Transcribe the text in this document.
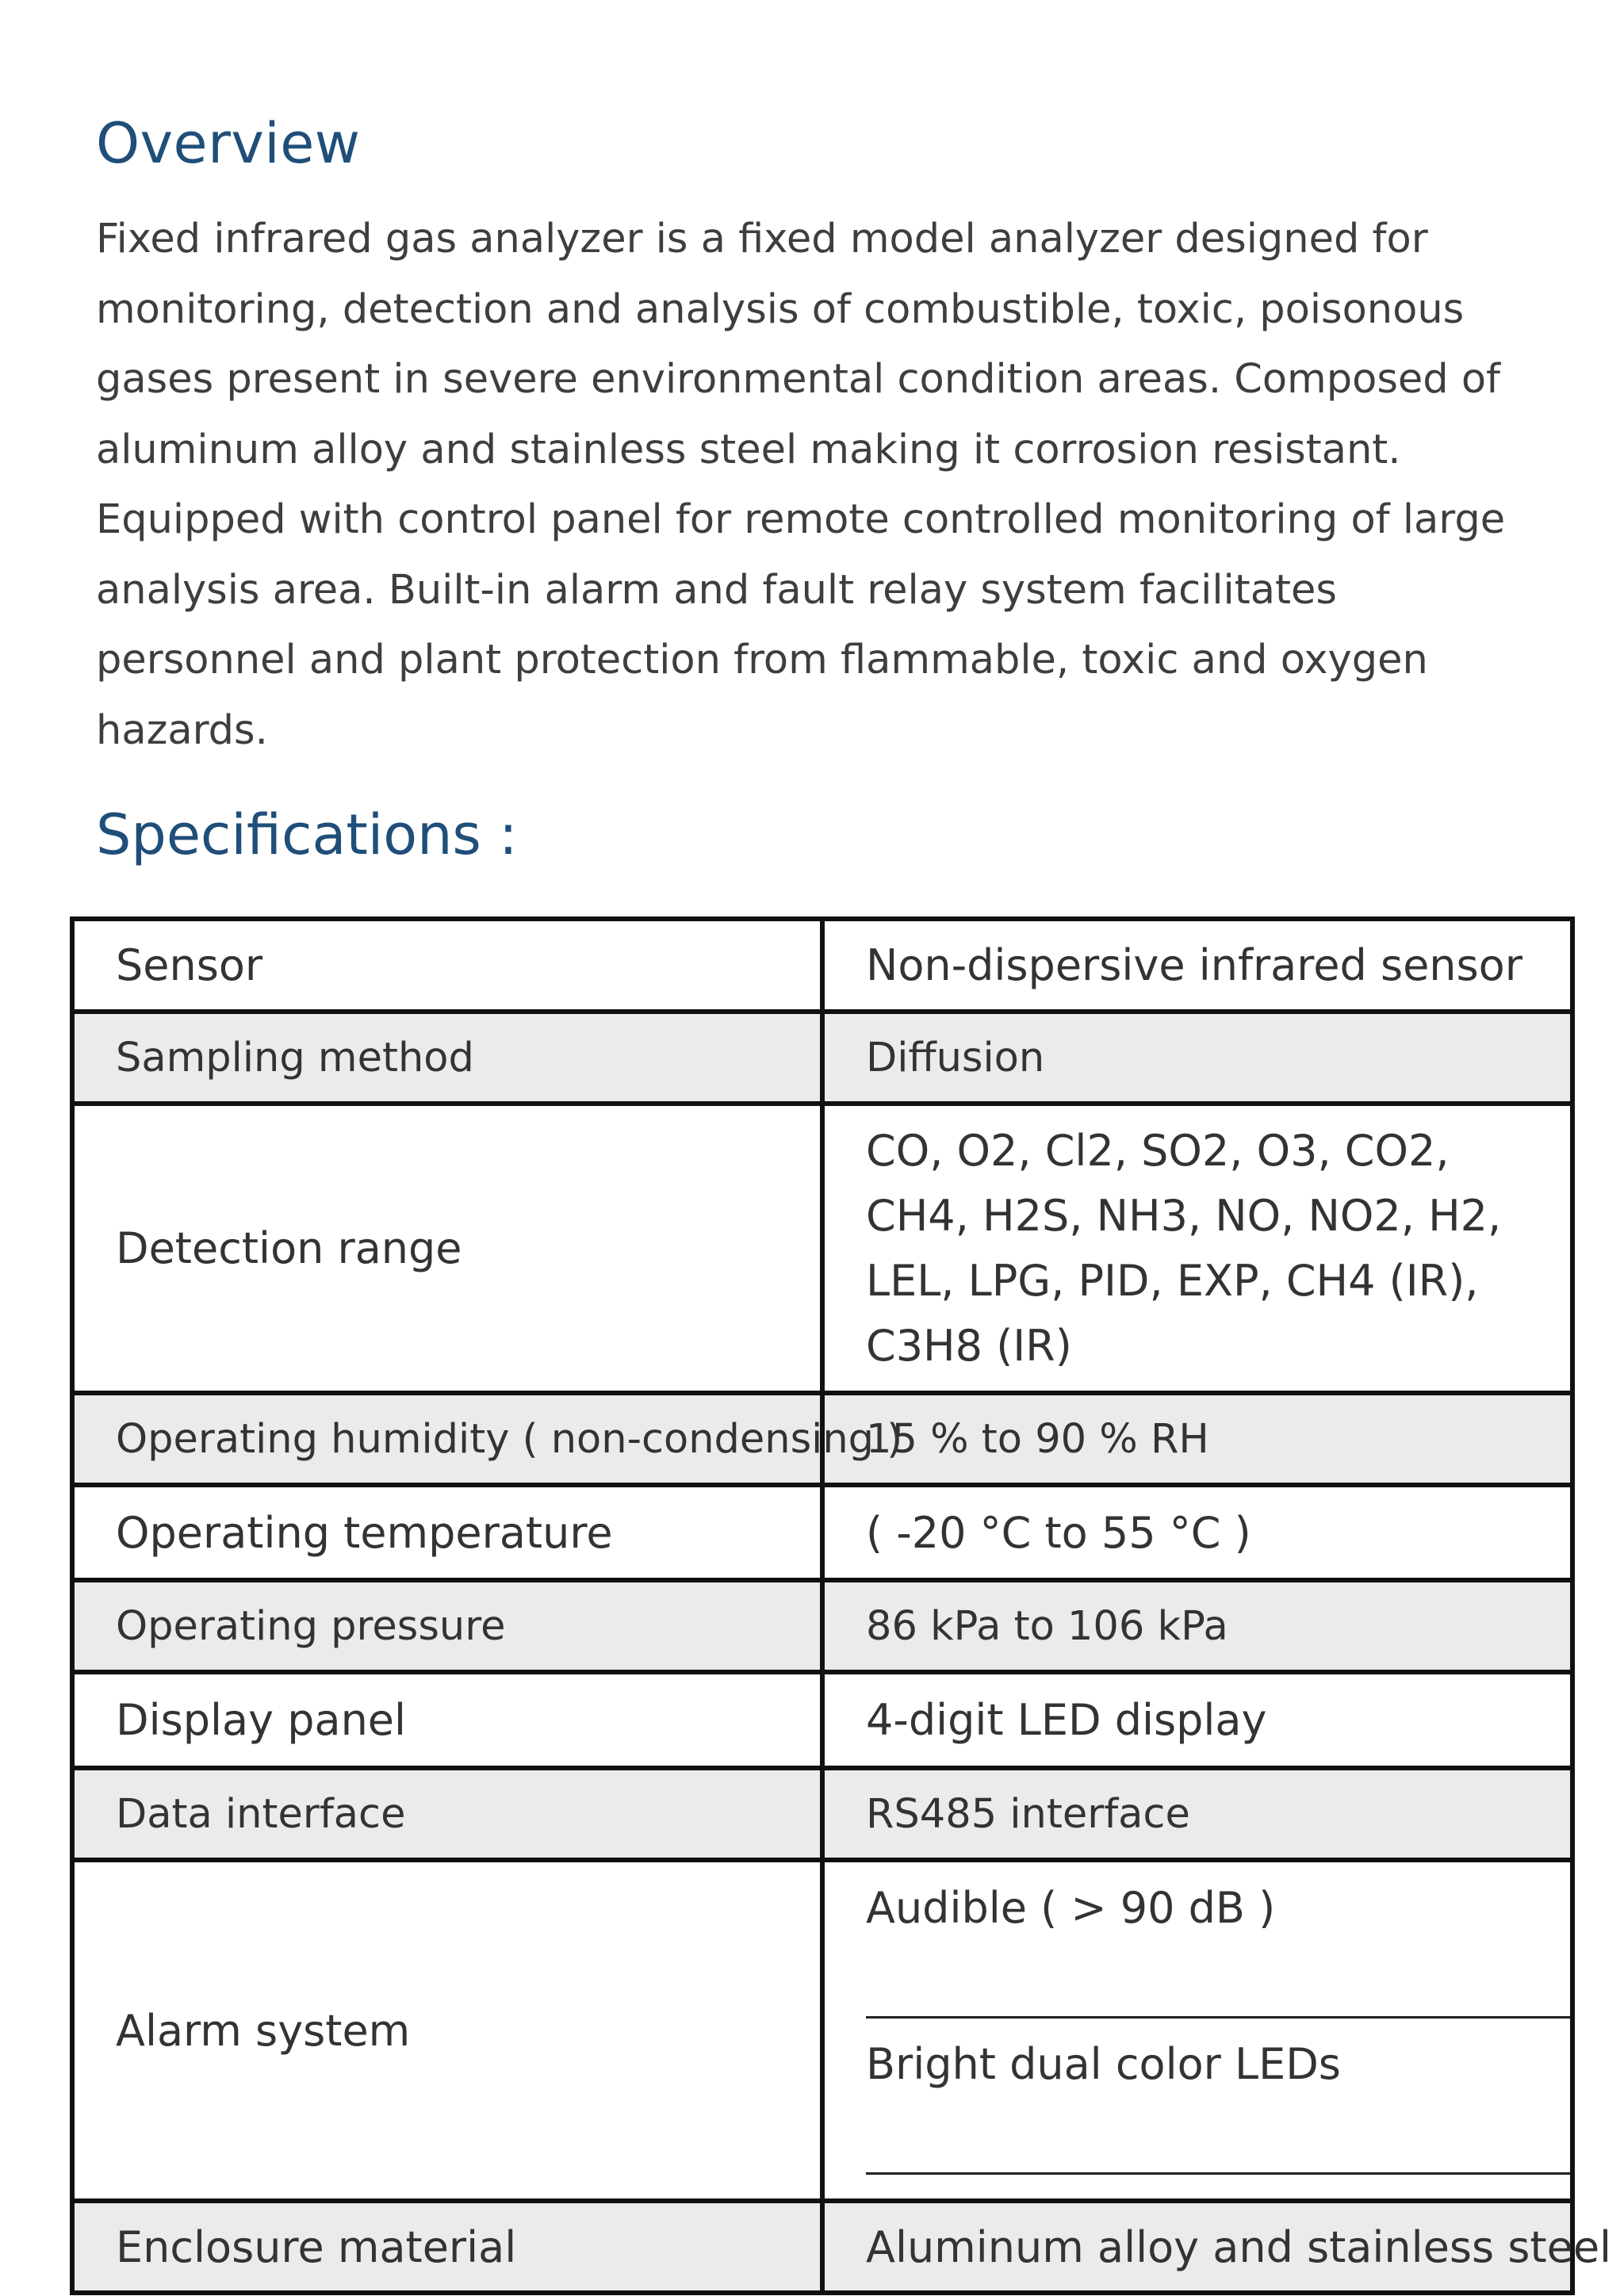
Overview

Fixed infrared gas analyzer is a fixed model analyzer designed for monitoring, detection and analysis of combustible, toxic, poisonous gases present in severe environmental condition areas. Composed of aluminum alloy and stainless steel making it corrosion resistant. Equipped with control panel for remote controlled monitoring of large analysis area. Built-in alarm and fault relay system facilitates personnel and plant protection from flammable, toxic and oxygen hazards.

Specifications :
Sensor	Non-dispersive infrared sensor
Sampling method	Diffusion
Detection range	CO, O2, Cl2, SO2, O3, CO2, CH4, H2S, NH3, NO, NO2, H2, LEL, LPG, PID, EXP, CH4 (IR), C3H8 (IR)
Operating humidity ( non-condensing )	15 % to 90 % RH
Operating temperature	( -20 °C to 55 °C )
Operating pressure	86 kPa to 106 kPa
Display panel	4-digit LED display
Data interface	RS485 interface
Alarm system	Audible ( > 90 dB )
Bright dual color LEDs

Enclosure material	Aluminum alloy and stainless steel
